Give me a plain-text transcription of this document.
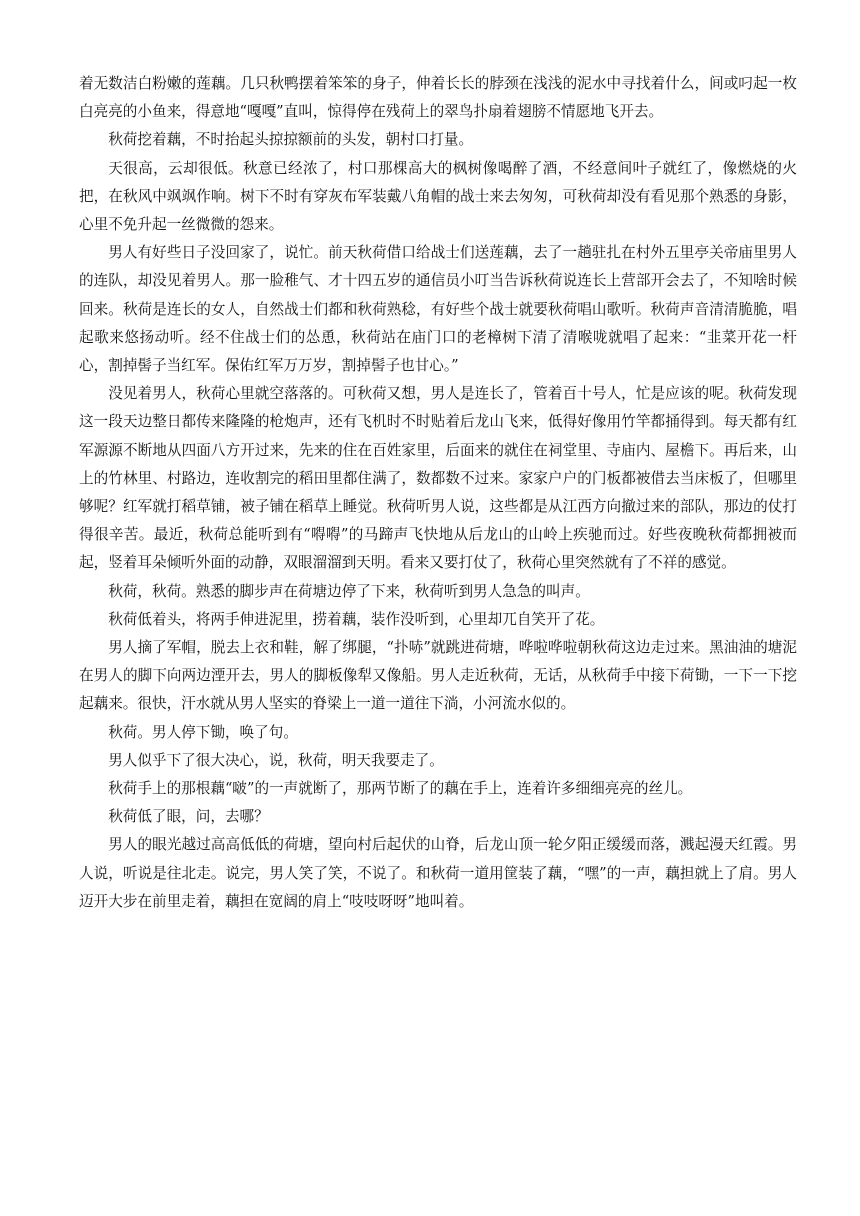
着无数洁白粉嫩的莲藕。几只秋鸭摆着笨笨的身子，伸着长长的脖颈在浅浅的泥水中寻找着什么，间或叼起一枚白亮亮的小鱼来，得意地“嘎嘎”直叫，惊得停在残荷上的翠鸟扑扇着翅膀不情愿地飞开去。

秋荷挖着藕，不时抬起头掠掠额前的头发，朝村口打量。

天很高，云却很低。秋意已经浓了，村口那棵高大的枫树像喝醉了酒，不经意间叶子就红了，像燃烧的火把，在秋风中飒飒作响。树下不时有穿灰布军装戴八角帽的战士来去匆匆，可秋荷却没有看见那个熟悉的身影，心里不免升起一丝微微的怨来。

男人有好些日子没回家了，说忙。前天秋荷借口给战士们送莲藕，去了一趟驻扎在村外五里亭关帝庙里男人的连队，却没见着男人。那一脸稚气、才十四五岁的通信员小叮当告诉秋荷说连长上营部开会去了，不知啥时候回来。秋荷是连长的女人，自然战士们都和秋荷熟稔，有好些个战士就要秋荷唱山歌听。秋荷声音清清脆脆，唱起歌来悠扬动听。经不住战士们的怂恿，秋荷站在庙门口的老樟树下清了清喉咙就唱了起来：“韭菜开花一杆心，割掉髻子当红军。保佑红军万万岁，割掉髻子也甘心。”

没见着男人，秋荷心里就空落落的。可秋荷又想，男人是连长了，管着百十号人，忙是应该的呢。秋荷发现这一段天边整日都传来隆隆的枪炮声，还有飞机时不时贴着后龙山飞来，低得好像用竹竿都捅得到。每天都有红军源源不断地从四面八方开过来，先来的住在百姓家里，后面来的就住在祠堂里、寺庙内、屋檐下。再后来，山上的竹林里、村路边，连收割完的稻田里都住满了，数都数不过来。家家户户的门板都被借去当床板了，但哪里够呢？红军就打稻草铺，被子铺在稻草上睡觉。秋荷听男人说，这些都是从江西方向撤过来的部队，那边的仗打得很辛苦。最近，秋荷总能听到有“嘚嘚”的马蹄声飞快地从后龙山的山岭上疾驰而过。好些夜晚秋荷都拥被而起，竖着耳朵倾听外面的动静，双眼溜溜到天明。看来又要打仗了，秋荷心里突然就有了不祥的感觉。

秋荷，秋荷。熟悉的脚步声在荷塘边停了下来，秋荷听到男人急急的叫声。

秋荷低着头，将两手伸进泥里，捞着藕，装作没听到，心里却兀自笑开了花。

男人摘了军帽，脱去上衣和鞋，解了绑腿，“扑哧”就跳进荷塘，哗啦哗啦朝秋荷这边走过来。黑油油的塘泥在男人的脚下向两边湮开去，男人的脚板像犁又像船。男人走近秋荷，无话，从秋荷手中接下荷锄，一下一下挖起藕来。很快，汗水就从男人坚实的脊梁上一道一道往下淌，小河流水似的。

秋荷。男人停下锄，唤了句。

男人似乎下了很大决心，说，秋荷，明天我要走了。

秋荷手上的那根藕“啵”的一声就断了，那两节断了的藕在手上，连着许多细细亮亮的丝儿。

秋荷低了眼，问，去哪？

男人的眼光越过高高低低的荷塘，望向村后起伏的山脊，后龙山顶一轮夕阳正缓缓而落，溅起漫天红霞。男人说，听说是往北走。说完，男人笑了笑，不说了。和秋荷一道用筐装了藕，“嘿”的一声，藕担就上了肩。男人迈开大步在前里走着，藕担在宽阔的肩上“吱吱呀呀”地叫着。
